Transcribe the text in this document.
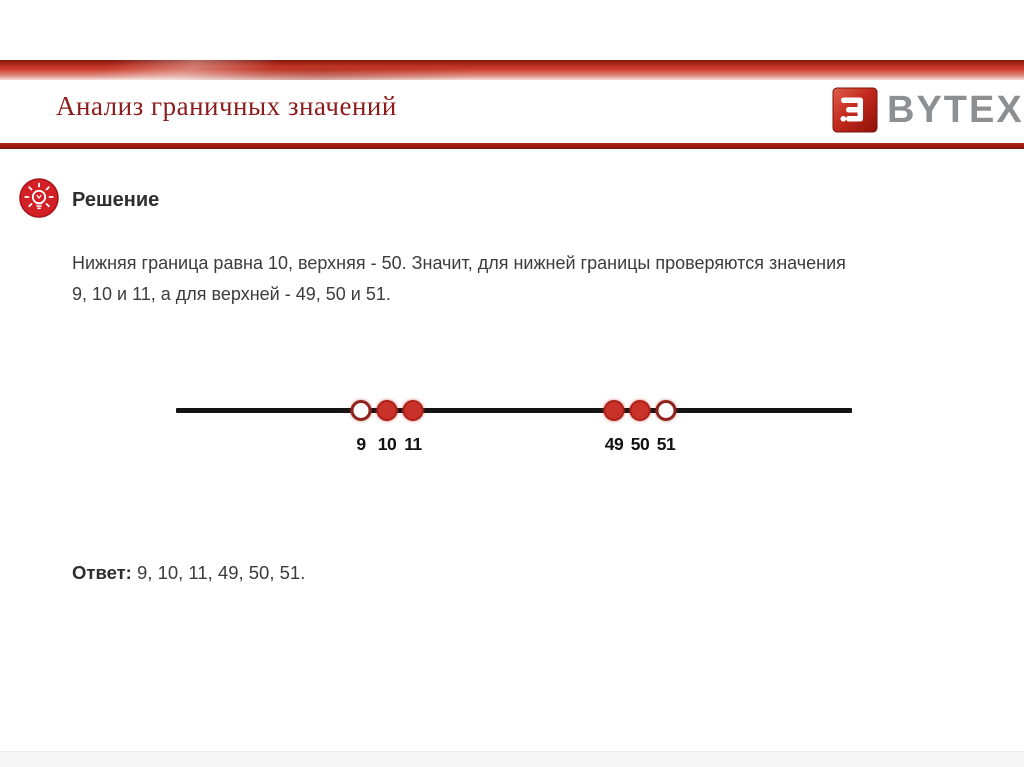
Анализ граничных значений	BYTEX
Решение
Нижняя граница равна 10, верхняя - 50. Значит, для нижней границы проверяются значения
9, 10 и 11, а для верхней - 49, 50 и 51.
9 10 11	49 50 51
Ответ: 9, 10, 11, 49, 50, 51.
